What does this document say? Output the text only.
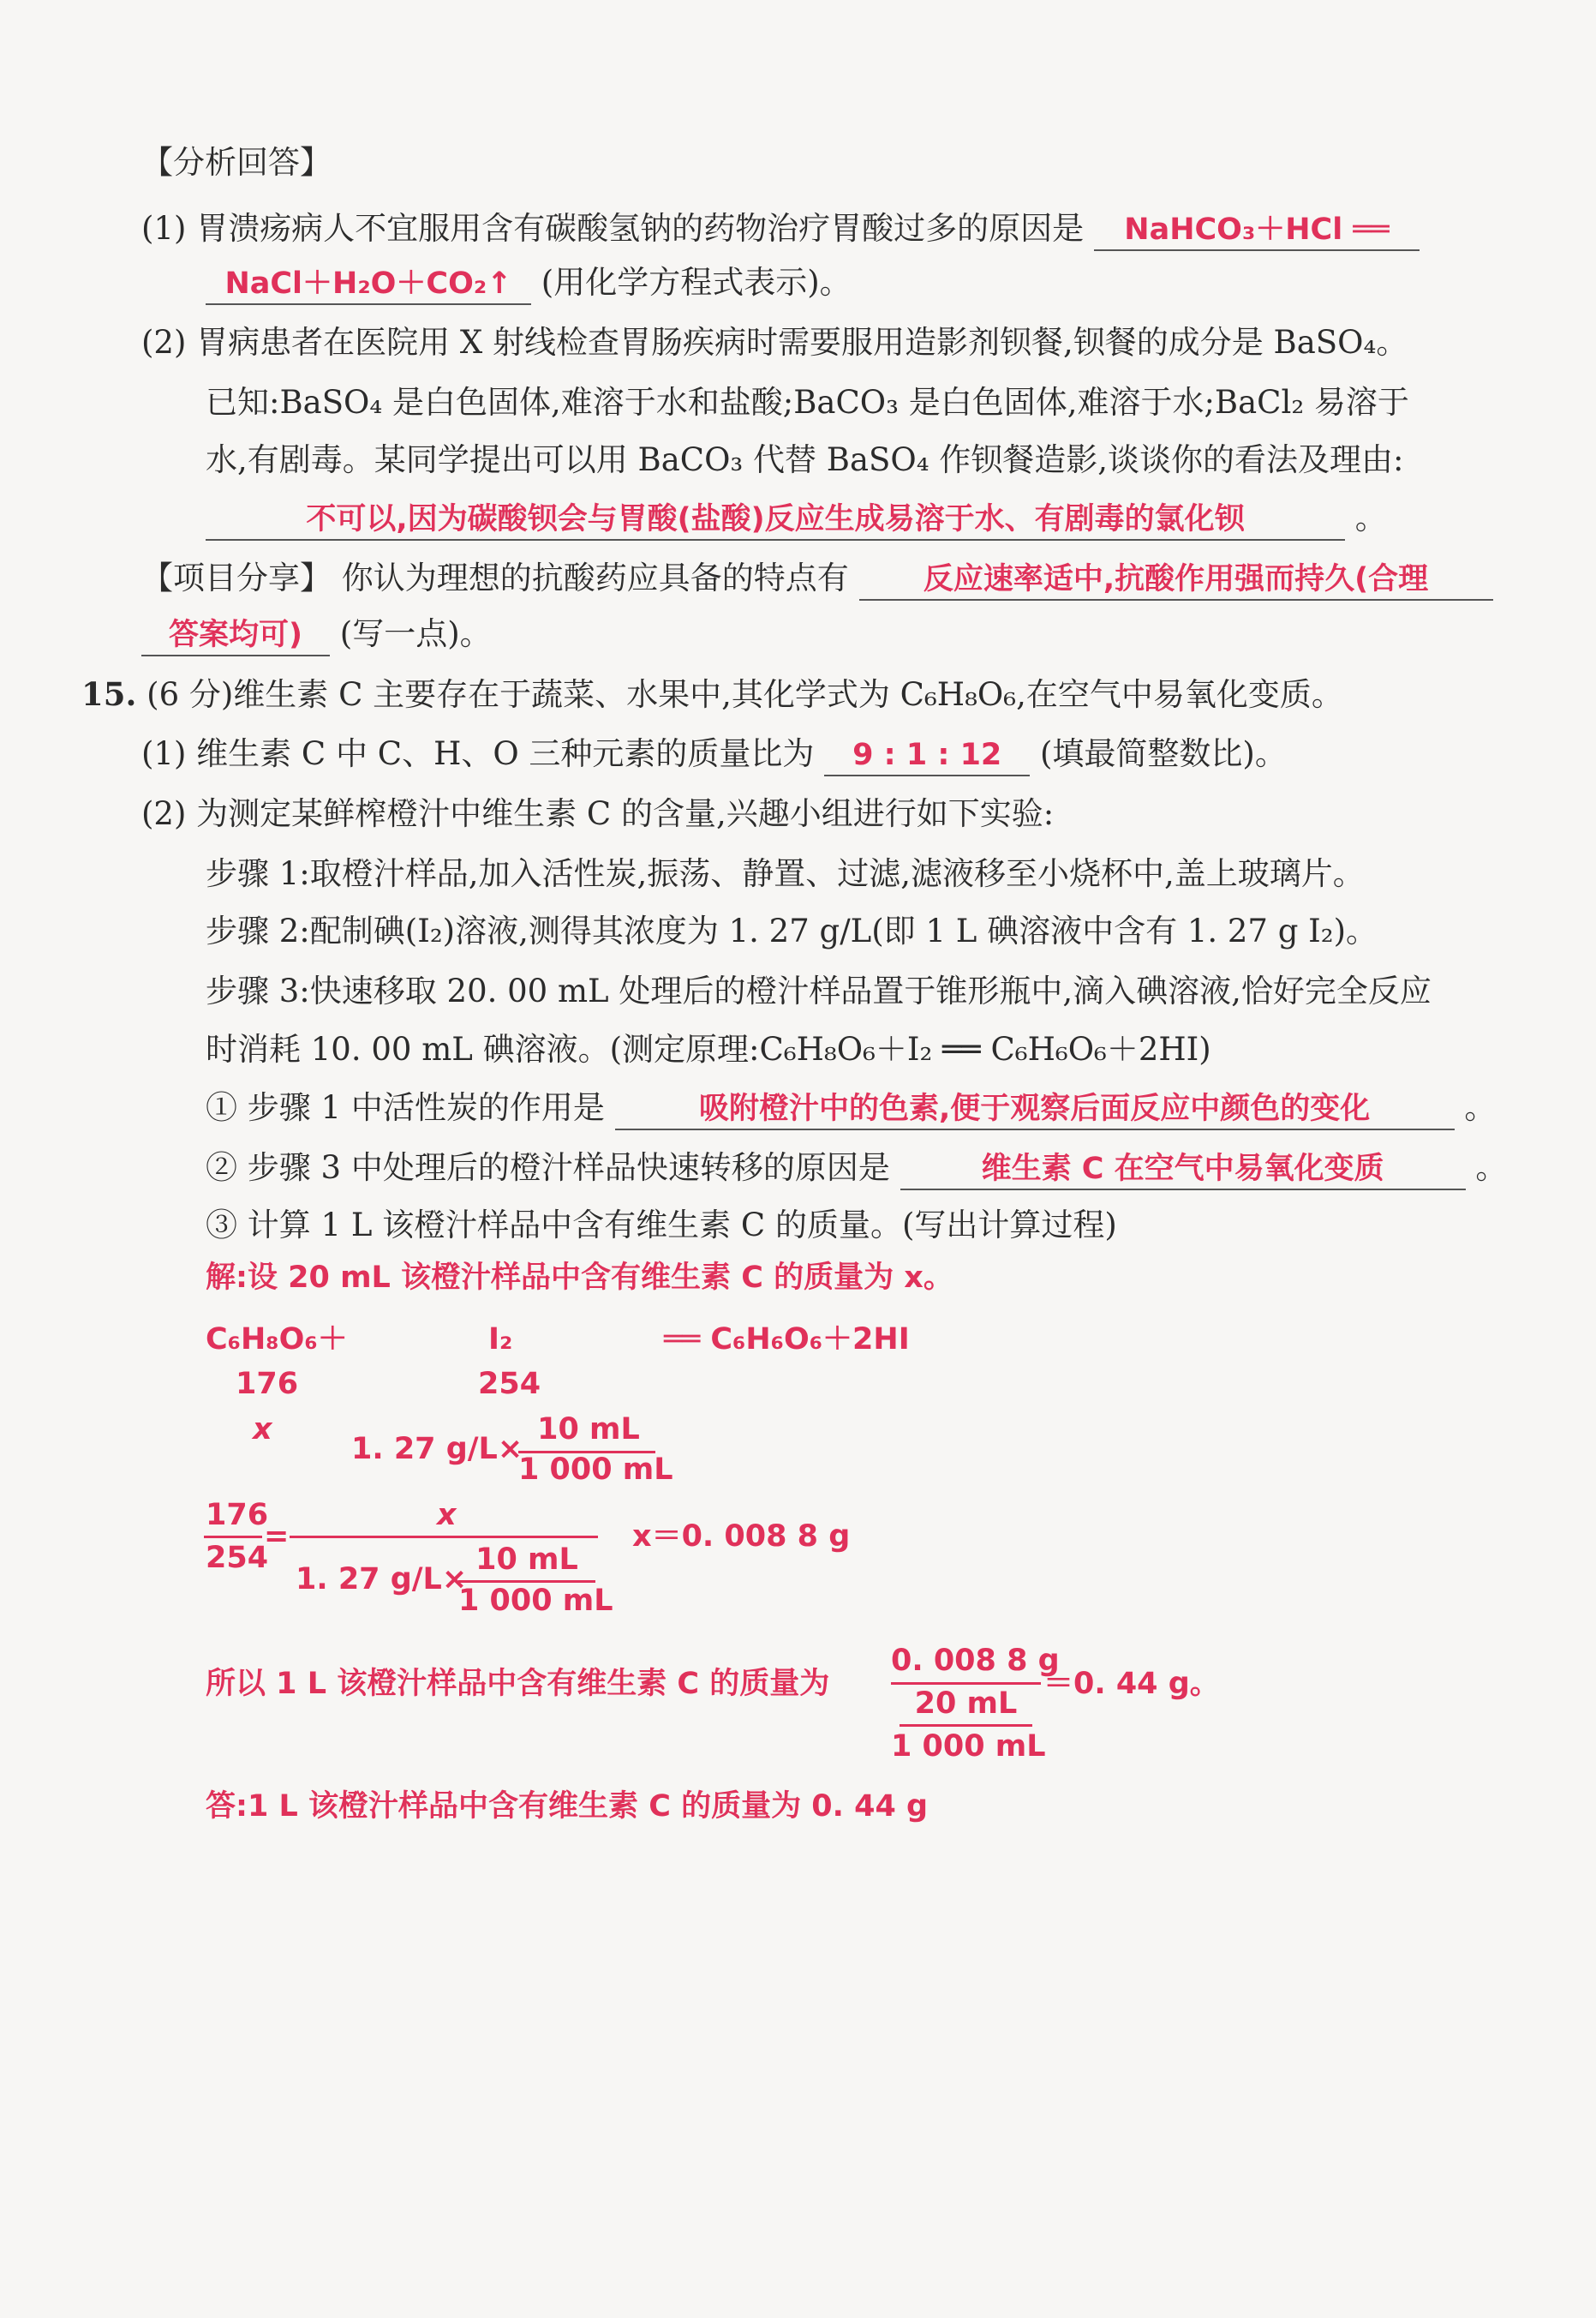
【分析回答】
(1) 胃溃疡病人不宜服用含有碳酸氢钠的药物治疗胃酸过多的原因是 NaHCO₃＋HCl ══
NaCl＋H₂O＋CO₂↑ (用化学方程式表示)。
(2) 胃病患者在医院用 X 射线检查胃肠疾病时需要服用造影剂钡餐,钡餐的成分是 BaSO₄。
已知:BaSO₄ 是白色固体,难溶于水和盐酸;BaCO₃ 是白色固体,难溶于水;BaCl₂ 易溶于
水,有剧毒。某同学提出可以用 BaCO₃ 代替 BaSO₄ 作钡餐造影,谈谈你的看法及理由:
不可以,因为碳酸钡会与胃酸(盐酸)反应生成易溶于水、有剧毒的氯化钡	。
【项目分享】 你认为理想的抗酸药应具备的特点有 反应速率适中,抗酸作用强而持久(合理
答案均可) (写一点)。
15. (6 分)维生素 C 主要存在于蔬菜、水果中,其化学式为 C₆H₈O₆,在空气中易氧化变质。
(1) 维生素 C 中 C、H、O 三种元素的质量比为 9 : 1 : 12 (填最简整数比)。
(2) 为测定某鲜榨橙汁中维生素 C 的含量,兴趣小组进行如下实验:
步骤 1:取橙汁样品,加入活性炭,振荡、静置、过滤,滤液移至小烧杯中,盖上玻璃片。
步骤 2:配制碘(I₂)溶液,测得其浓度为 1. 27 g/L(即 1 L 碘溶液中含有 1. 27 g I₂)。
步骤 3:快速移取 20. 00 mL 处理后的橙汁样品置于锥形瓶中,滴入碘溶液,恰好完全反应
时消耗 10. 00 mL 碘溶液。(测定原理:C₆H₈O₆＋I₂ ══ C₆H₆O₆＋2HI)
① 步骤 1 中活性炭的作用是	吸附橙汁中的色素,便于观察后面反应中颜色的变化	。
② 步骤 3 中处理后的橙汁样品快速转移的原因是	维生素 C 在空气中易氧化变质	。
③ 计算 1 L 该橙汁样品中含有维生素 C 的质量。(写出计算过程)
解:设 20 mL 该橙汁样品中含有维生素 C 的质量为 x。
C₆H₈O₆＋	I₂	══ C₆H₆O₆＋2HI
176	254
x
1. 27 g/L×
10 mL
1 000 mL
176
254
=
x
1. 27 g/L×
10 mL
1 000 mL
x＝0. 008 8 g
所以 1 L 该橙汁样品中含有维生素 C 的质量为
0. 008 8 g
20 mL
1 000 mL
＝0. 44 g。
答:1 L 该橙汁样品中含有维生素 C 的质量为 0. 44 g
